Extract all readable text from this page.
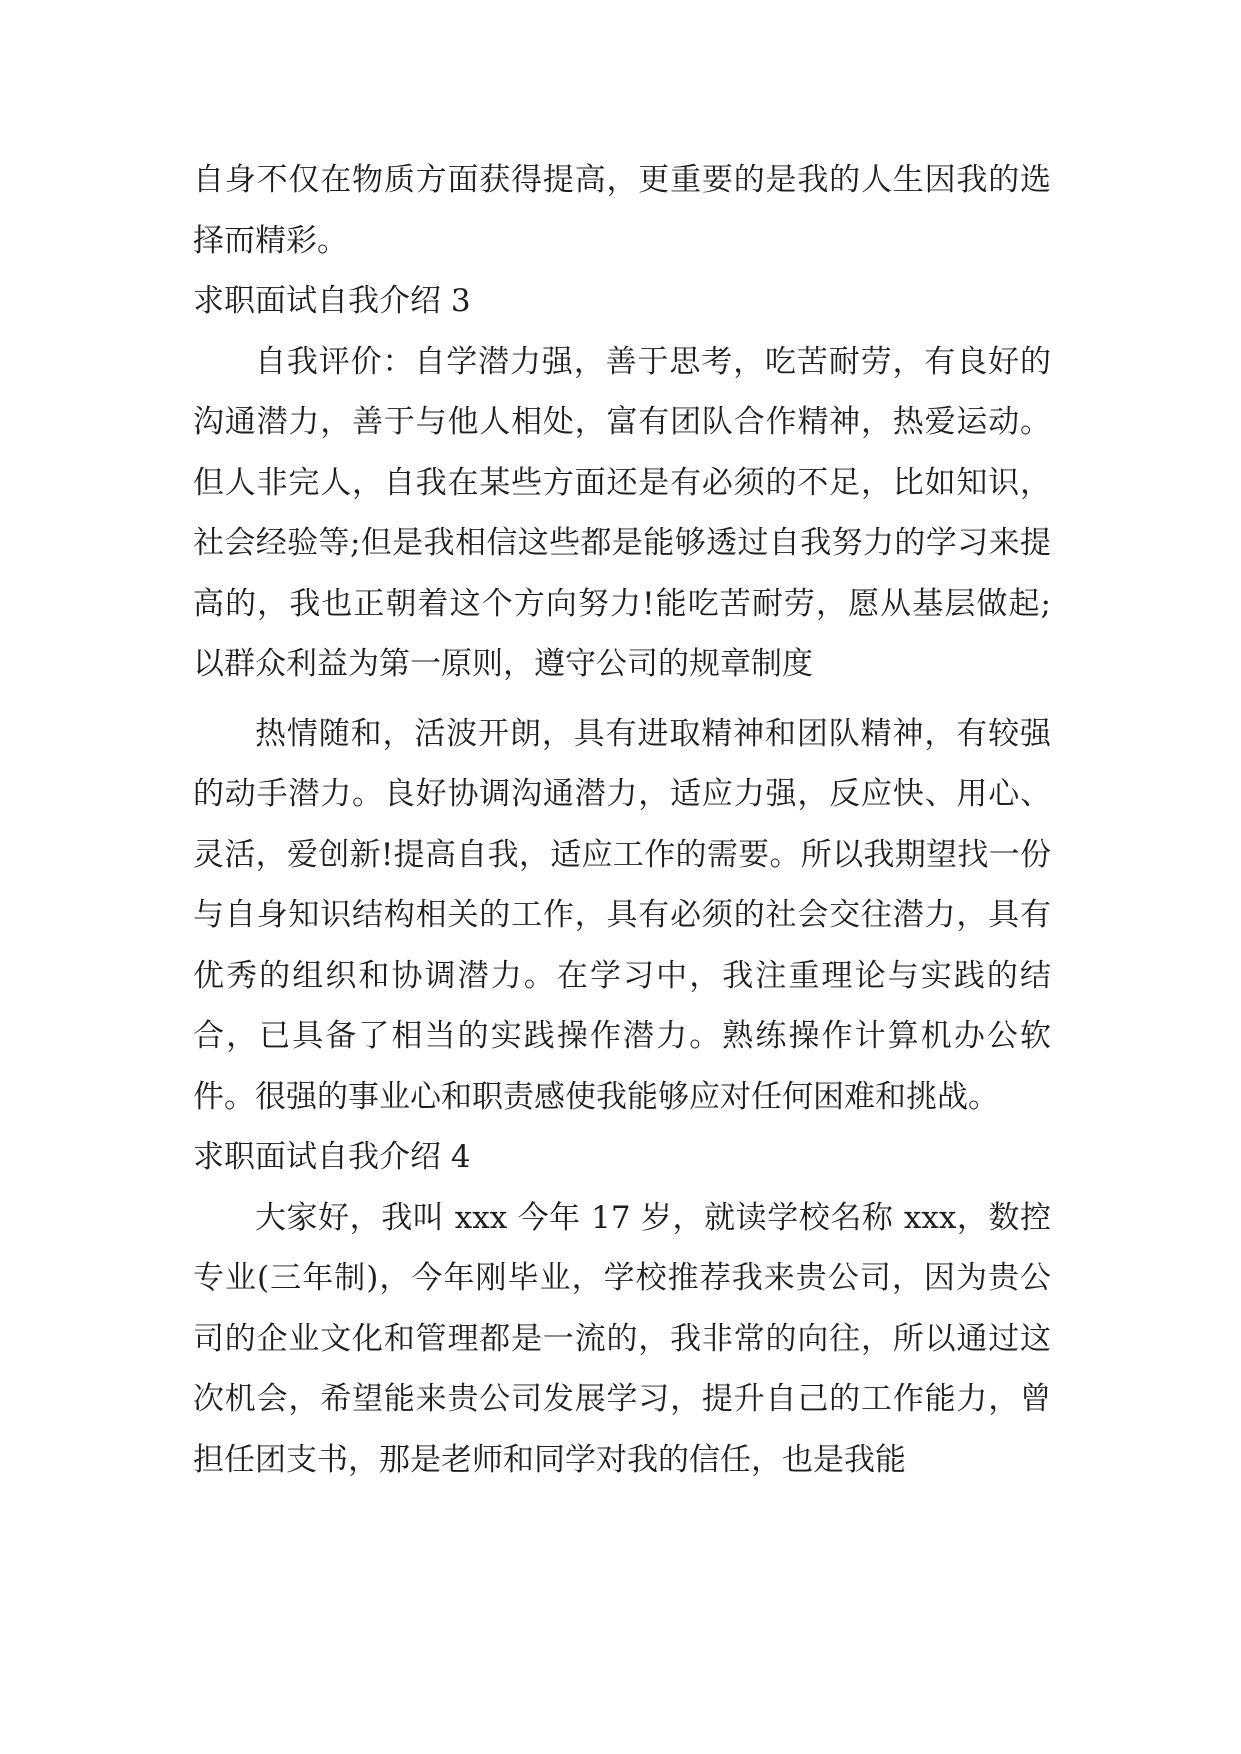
自身不仅在物质方面获得提高，更重要的是我的人生因我的选择而精彩。

求职面试自我介绍 3

自我评价：自学潜力强，善于思考，吃苦耐劳，有良好的沟通潜力，善于与他人相处，富有团队合作精神，热爱运动。但人非完人，自我在某些方面还是有必须的不足，比如知识，社会经验等;但是我相信这些都是能够透过自我努力的学习来提高的，我也正朝着这个方向努力!能吃苦耐劳，愿从基层做起;以群众利益为第一原则，遵守公司的规章制度

热情随和，活波开朗，具有进取精神和团队精神，有较强的动手潜力。良好协调沟通潜力，适应力强，反应快、用心、灵活，爱创新!提高自我，适应工作的需要。所以我期望找一份与自身知识结构相关的工作，具有必须的社会交往潜力，具有优秀的组织和协调潜力。在学习中，我注重理论与实践的结合，已具备了相当的实践操作潜力。熟练操作计算机办公软件。很强的事业心和职责感使我能够应对任何困难和挑战。

求职面试自我介绍 4

大家好，我叫 xxx 今年 17 岁，就读学校名称 xxx，数控专业(三年制)，今年刚毕业，学校推荐我来贵公司，因为贵公司的企业文化和管理都是一流的，我非常的向往，所以通过这次机会，希望能来贵公司发展学习，提升自己的工作能力，曾担任团支书，那是老师和同学对我的信任，也是我能
